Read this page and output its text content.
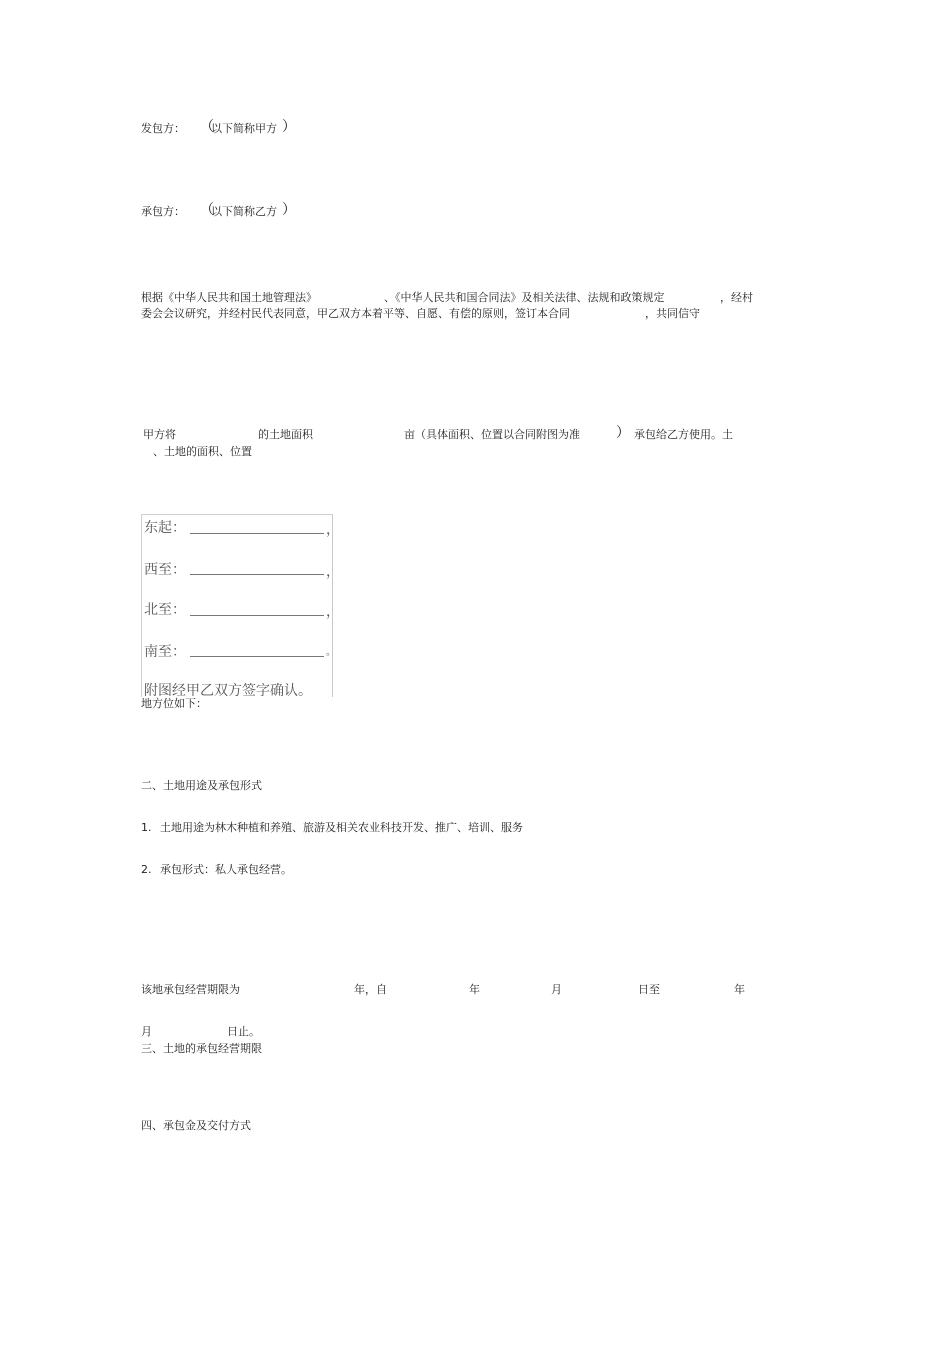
发包方： （
以下简称甲方 ）
承包方： （
以下简称乙方 ）
根据《中华人民共和国土地管理法》	、《中华人民共和国合同法》及相关法律、法规和政策规定	，经村
委会会议研究，并经村民代表同意，甲乙双方本着平等、自愿、有偿的原则，签订本合同	，共同信守
甲方将	的土地面积	亩（具体面积、位置以合同附图为准	） 承包给乙方使用。土
、土地的面积、位置
东起：	，
西至：	，
北至：	，
南至：	。
附图经甲乙双方签字确认。
地方位如下：
二、土地用途及承包形式
1. 土地用途为林木种植和养殖、旅游及相关农业科技开发、推广、培训、服务
2. 承包形式：私人承包经营。
该地承包经营期限为	年，自	年	月	日至	年
月	日止。
三、土地的承包经营期限
四、承包金及交付方式
